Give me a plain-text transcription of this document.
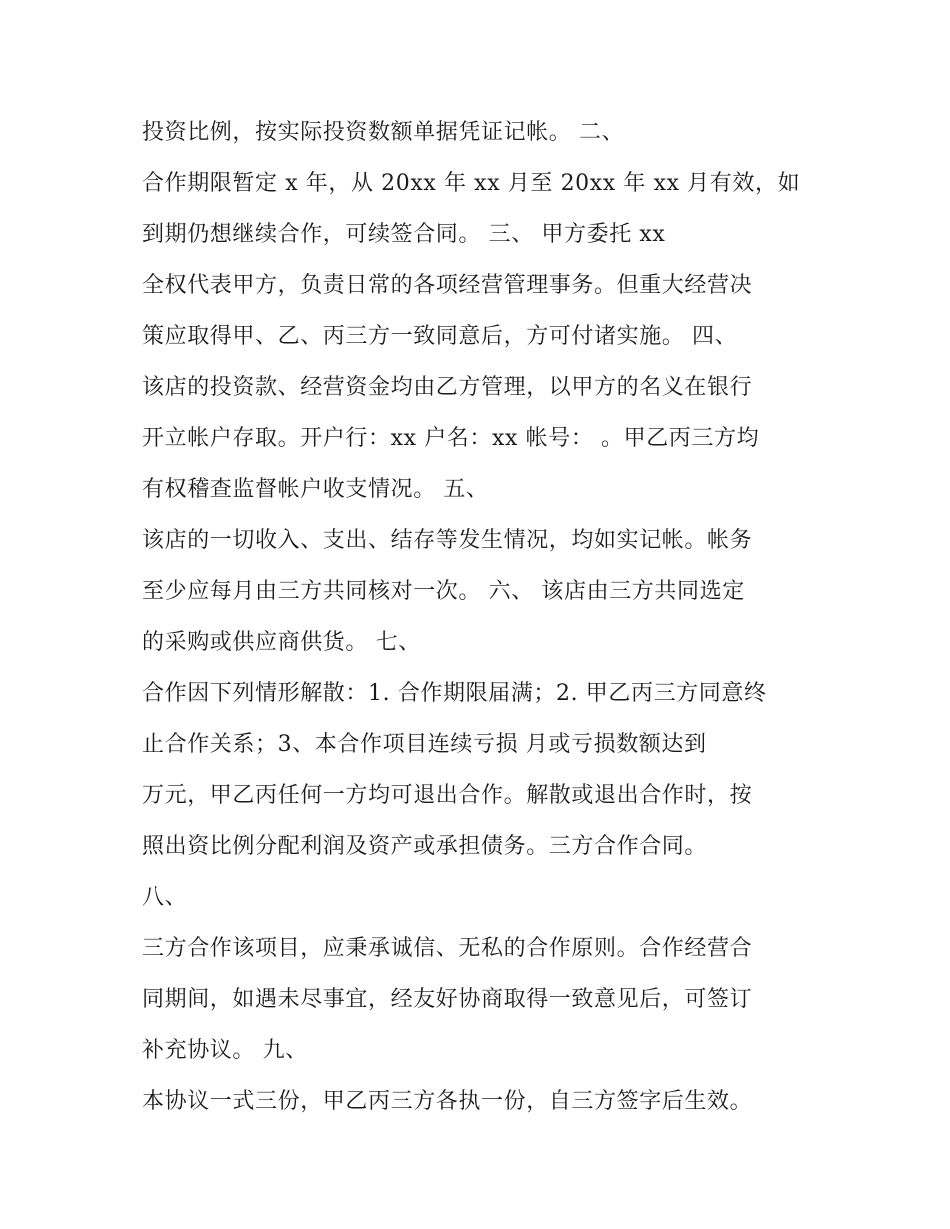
投资比例，按实际投资数额单据凭证记帐。 二、
合作期限暂定 x 年，从 20xx 年 xx 月至 20xx 年 xx 月有效，如
到期仍想继续合作，可续签合同。 三、 甲方委托 xx
全权代表甲方，负责日常的各项经营管理事务。但重大经营决
策应取得甲、乙、丙三方一致同意后，方可付诸实施。 四、
该店的投资款、经营资金均由乙方管理，以甲方的名义在银行
开立帐户存取。开户行：xx 户名：xx 帐号： 。甲乙丙三方均
有权稽查监督帐户收支情况。 五、
该店的一切收入、支出、结存等发生情况，均如实记帐。帐务
至少应每月由三方共同核对一次。 六、 该店由三方共同选定
的采购或供应商供货。 七、
合作因下列情形解散：1. 合作期限届满；2. 甲乙丙三方同意终
止合作关系；3、本合作项目连续亏损 月或亏损数额达到
万元，甲乙丙任何一方均可退出合作。解散或退出合作时，按
照出资比例分配利润及资产或承担债务。三方合作合同。
八、
三方合作该项目，应秉承诚信、无私的合作原则。合作经营合
同期间，如遇未尽事宜，经友好协商取得一致意见后，可签订
补充协议。 九、
本协议一式三份，甲乙丙三方各执一份，自三方签字后生效。
